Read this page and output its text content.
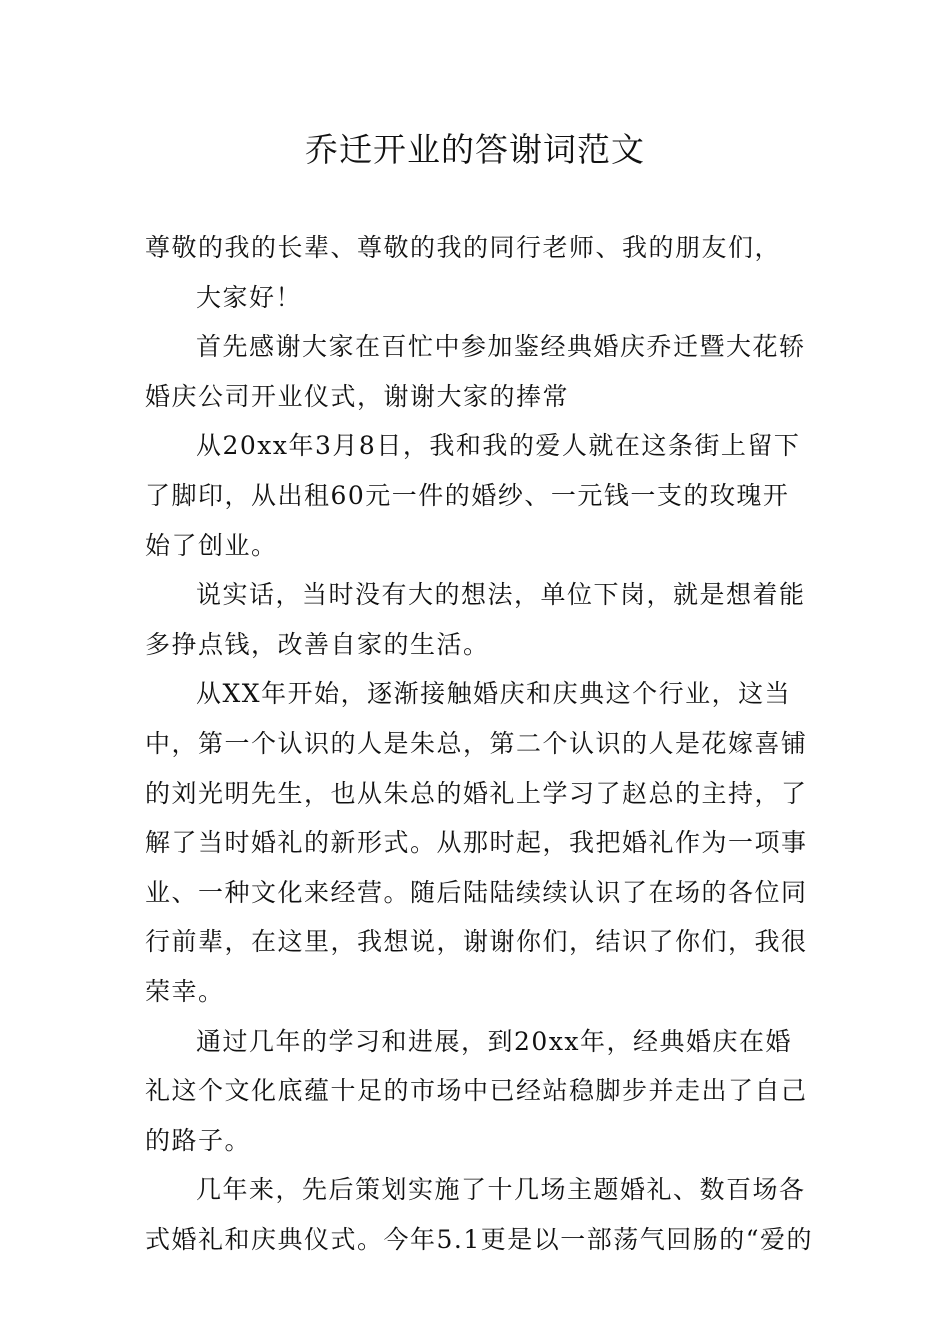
乔迁开业的答谢词范文

尊敬的我的长辈、尊敬的我的同行老师、我的朋友们，

大家好！

首先感谢大家在百忙中参加鉴经典婚庆乔迁暨大花轿婚庆公司开业仪式，谢谢大家的捧常

从20xx年3月8日，我和我的爱人就在这条街上留下了脚印，从出租60元一件的婚纱、一元钱一支的玫瑰开始了创业。

说实话，当时没有大的想法，单位下岗，就是想着能多挣点钱，改善自家的生活。

从XX年开始，逐渐接触婚庆和庆典这个行业，这当中，第一个认识的人是朱总，第二个认识的人是花嫁喜铺的刘光明先生，也从朱总的婚礼上学习了赵总的主持，了解了当时婚礼的新形式。从那时起，我把婚礼作为一项事业、一种文化来经营。随后陆陆续续认识了在场的各位同行前辈，在这里，我想说，谢谢你们，结识了你们，我很荣幸。

通过几年的学习和进展，到20xx年，经典婚庆在婚礼这个文化底蕴十足的市场中已经站稳脚步并走出了自己的路子。

几年来，先后策划实施了十几场主题婚礼、数百场各式婚礼和庆典仪式。今年5.1更是以一部荡气回肠的“爱的
